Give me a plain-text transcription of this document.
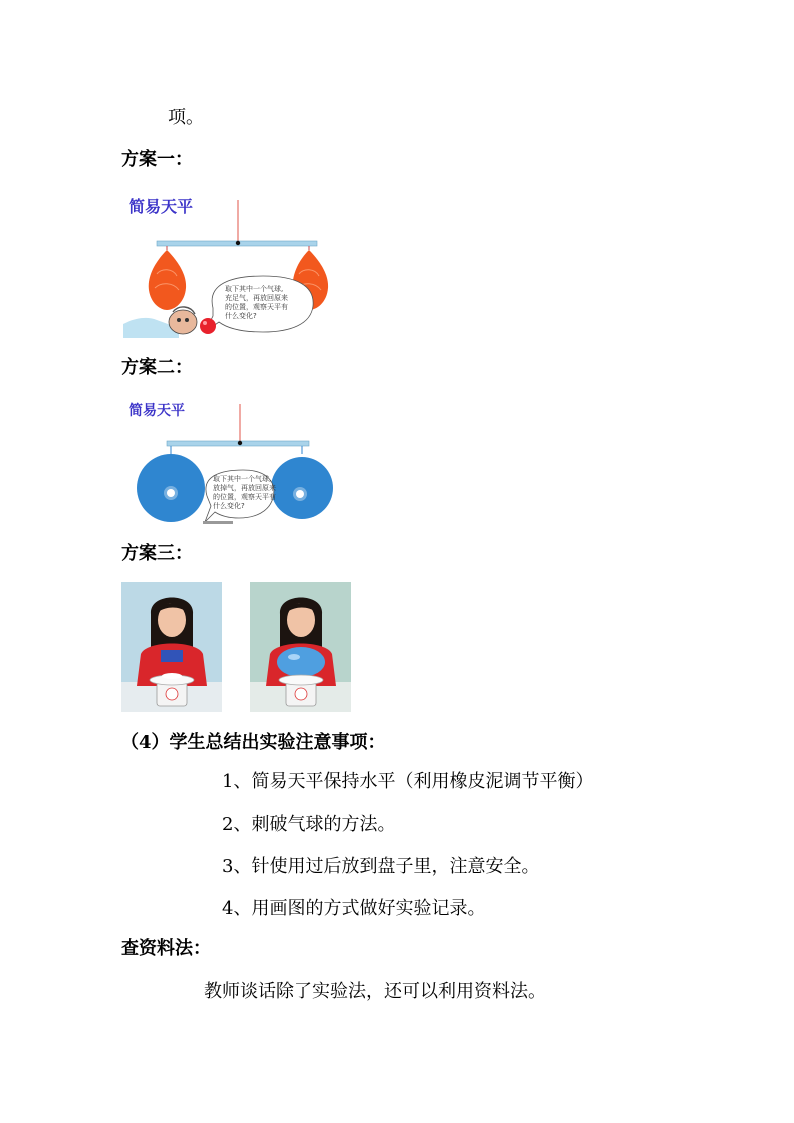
项。
方案一：
简易天平
取下其中一个气球,
充足气，再放回原来
的位置，观察天平有
什么变化?
方案二：
简易天平
取下其中一个气球,
放掉气，再放回原来
的位置，观察天平有
什么变化?
方案三：
（4）学生总结出实验注意事项：
1、简易天平保持水平（利用橡皮泥调节平衡）
2、刺破气球的方法。
3、针使用过后放到盘子里，注意安全。
4、用画图的方式做好实验记录。
查资料法：
教师谈话除了实验法，还可以利用资料法。
